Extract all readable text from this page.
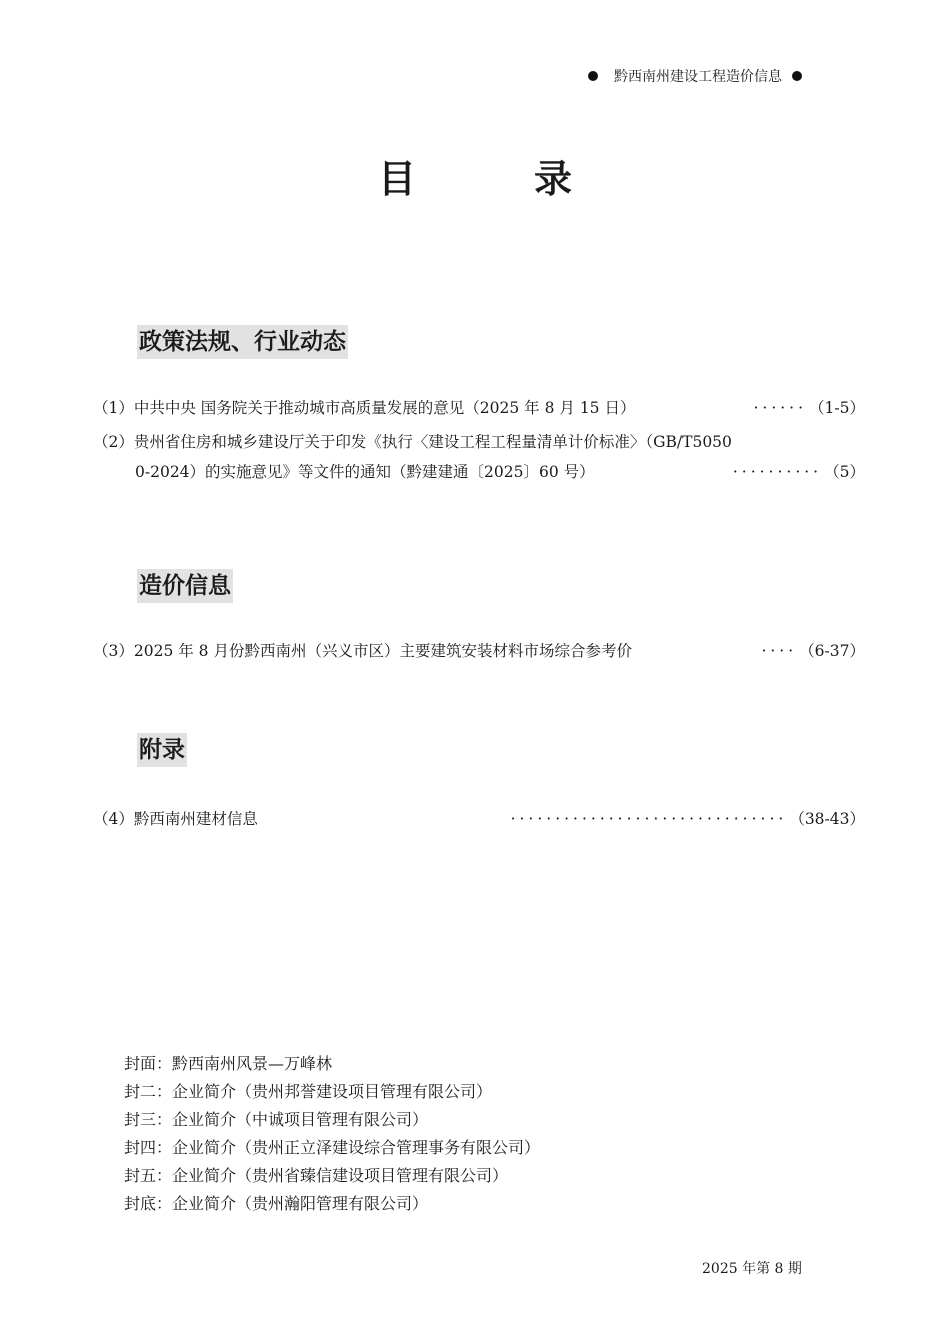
黔西南州建设工程造价信息
目　录
政策法规、行业动态
（1） 中共中央 国务院关于推动城市高质量发展的意见（2025 年 8 月 15 日）	······ （1-5）
（2） 贵州省住房和城乡建设厅关于印发《执行〈建设工程工程量清单计价标准〉（GB/T5050
0-2024）的实施意见》等文件的通知（黔建建通〔2025〕60 号）	·········· （5）
造价信息
（3） 2025 年 8 月份黔西南州（兴义市区）主要建筑安装材料市场综合参考价	···· （6-37）
附录
（4） 黔西南州建材信息	······························· （38-43）
封面：黔西南州风景—万峰林
封二：企业简介（贵州邦誉建设项目管理有限公司）
封三：企业简介（中诚项目管理有限公司）
封四：企业简介（贵州正立泽建设综合管理事务有限公司）
封五：企业简介（贵州省臻信建设项目管理有限公司）
封底：企业简介（贵州瀚阳管理有限公司）
2025 年第 8 期
